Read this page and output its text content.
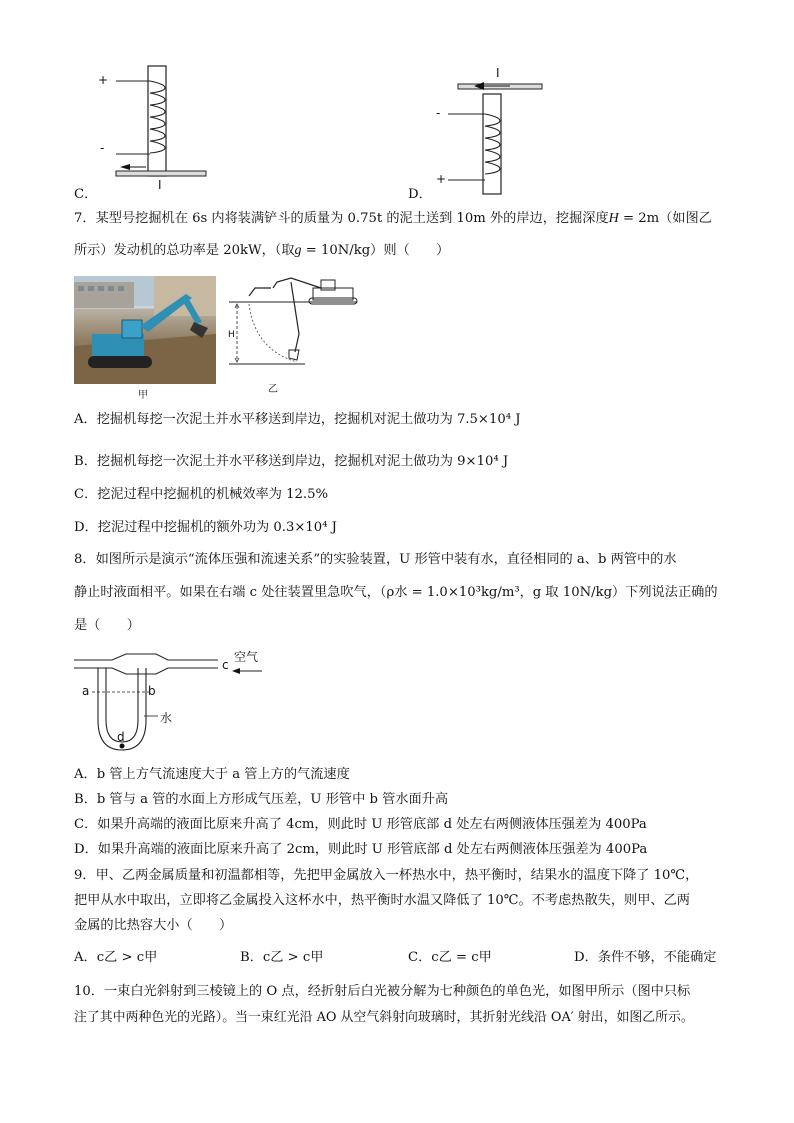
+
-
I
C．
I
-
+
D．
7．某型号挖掘机在 6s 内将装满铲斗的质量为 0.75t 的泥土送到 10m 外的岸边，挖掘深度H = 2m（如图乙
所示）发动机的总功率是 20kW，（取g = 10N/kg）则（　　）
甲
H
乙
A．挖掘机每挖一次泥土并水平移送到岸边，挖掘机对泥土做功为 7.5×10⁴ J
B．挖掘机每挖一次泥土并水平移送到岸边，挖掘机对泥土做功为 9×10⁴ J
C．挖泥过程中挖掘机的机械效率为 12.5%
D．挖泥过程中挖掘机的额外功为 0.3×10⁴ J
8．如图所示是演示“流体压强和流速关系”的实验装置，U 形管中装有水，直径相同的 a、b 两管中的水
静止时液面相平。如果在右端 c 处往装置里急吹气，（ρ水 = 1.0×10³kg/m³，g 取 10N/kg）下列说法正确的
是（　　）
c
空气
a	b
d
水
A．b 管上方气流速度大于 a 管上方的气流速度
B．b 管与 a 管的水面上方形成气压差，U 形管中 b 管水面升高
C．如果升高端的液面比原来升高了 4cm，则此时 U 形管底部 d 处左右两侧液体压强差为 400Pa
D．如果升高端的液面比原来升高了 2cm，则此时 U 形管底部 d 处左右两侧液体压强差为 400Pa
9．甲、乙两金属质量和初温都相等，先把甲金属放入一杯热水中，热平衡时，结果水的温度下降了 10℃，
把甲从水中取出，立即将乙金属投入这杯水中，热平衡时水温又降低了 10℃。不考虑热散失，则甲、乙两
金属的比热容大小（　　）
A．c乙 > c甲	B．c乙 > c甲	C．c乙 = c甲	D．条件不够，不能确定
10．一束白光斜射到三棱镜上的 O 点，经折射后白光被分解为七种颜色的单色光，如图甲所示（图中只标
注了其中两种色光的光路）。当一束红光沿 AO 从空气斜射向玻璃时，其折射光线沿 OA′ 射出，如图乙所示。
